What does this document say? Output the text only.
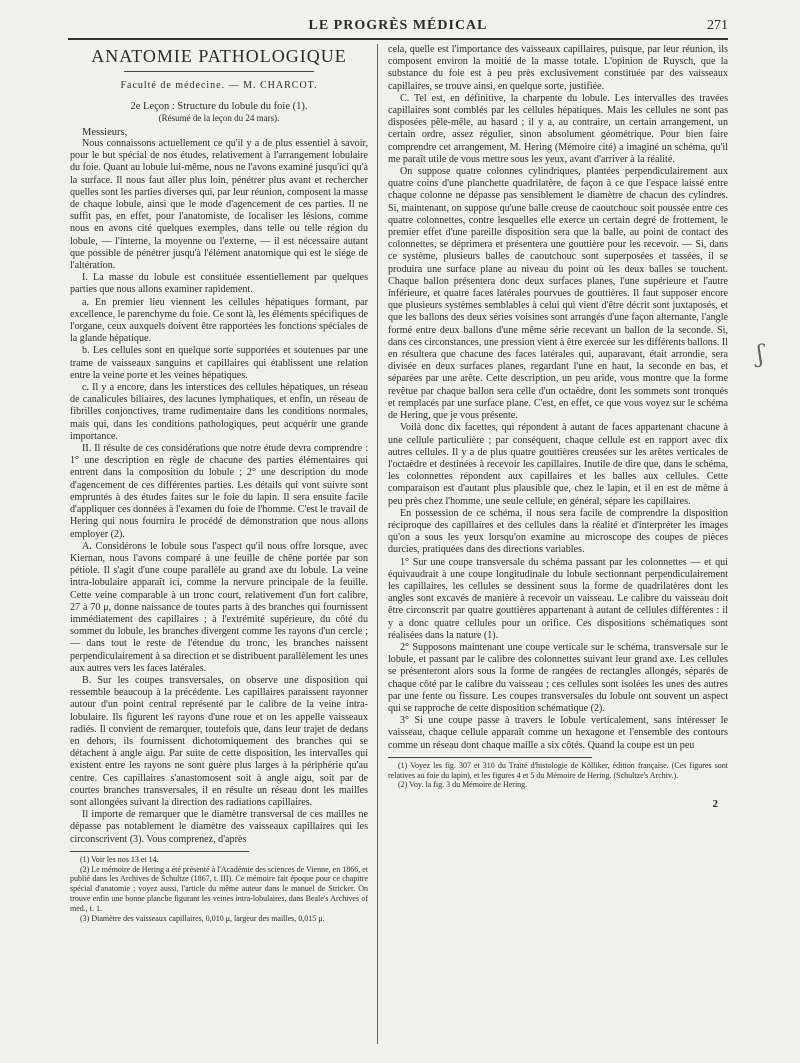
LE PROGRÈS MÉDICAL	271
ANATOMIE PATHOLOGIQUE
Faculté de médecine. — M. CHARCOT.
2e Leçon : Structure du lobule du foie (1).
(Résumé de la leçon du 24 mars).
Messieurs,

Nous connaissons actuellement ce qu'il y a de plus essentiel à savoir, pour le but spécial de nos études, relativement à l'arrangement lobulaire du foie. Quant au lobule lui-même, nous ne l'avons examiné jusqu'ici qu'à la surface. Il nous faut aller plus loin, pénétrer plus avant et rechercher quelles sont les parties diverses qui, par leur réunion, composent la masse de chaque lobule, ainsi que le mode d'agencement de ces parties. Il ne suffit pas, en effet, pour l'anatomiste, de localiser les lésions, comme nous en avons cité quelques exemples, dans telle ou telle région du lobule, — l'interne, la moyenne ou l'externe, — il est nécessaire autant que possible de pénétrer jusqu'à l'élément anatomique qui est le siége de l'altération.

I. La masse du lobule est constituée essentiellement par quelques parties que nous allons examiner rapidement.

a. En premier lieu viennent les cellules hépatiques formant, par excellence, le parenchyme du foie. Ce sont là, les éléments spécifiques de l'organe, ceux auxquels doivent être rapportées les fonctions spéciales de la glande hépatique.

b. Les cellules sont en quelque sorte supportées et soutenues par une trame de vaisseaux sanguins et capillaires qui établissent une relation entre la veine porte et les veines hépatiques.

c. Il y a encore, dans les interstices des cellules hépatiques, un réseau de canalicules biliaires, des lacunes lymphatiques, et enfin, un réseau de fibrilles conjonctives, trame rudimentaire dans les conditions normales, mais qui, dans les conditions pathologiques, peut acquérir une grande importance.

II. Il résulte de ces considérations que notre étude devra comprendre : 1° une description en règle de chacune des parties élémentaires qui entrent dans la composition du lobule ; 2° une description du mode d'agencement de ces différentes parties. Les détails qui vont suivre sont empruntés à des études faites sur le foie du lapin. Il sera ensuite facile d'appliquer ces données à l'examen du foie de l'homme. C'est le travail de Hering qui nous fournira le procédé de démonstration que nous allons employer (2).

A. Considérons le lobule sous l'aspect qu'il nous offre lorsque, avec Kiernan, nous l'avons comparé à une feuille de chêne portée par son pétiole. Il s'agit d'une coupe parallèle au grand axe du lobule. La veine intra-lobulaire apparaît ici, comme la nervure principale de la feuille. Cette veine comparable à un tronc court, relativement d'un fort calibre, 27 à 70 μ, donne naissance de toutes parts à des branches qui fournissent immédiatement des capillaires ; à l'extrémité supérieure, du côté du sommet du lobule, les branches divergent comme les rayons d'un cercle ; — dans tout le reste de l'étendue du tronc, les branches naissent perpendiculairement à sa direction et se distribuent parallèlement les unes aux autres vers les faces latérales.

B. Sur les coupes transversales, on observe une disposition qui ressemble beaucoup à la précédente. Les capillaires paraissent rayonner autour d'un point central représenté par le calibre de la veine intra-lobulaire. Ils figurent les rayons d'une roue et on les appelle vaisseaux radiés. Il convient de remarquer, toutefois que, dans leur trajet de dedans en dehors, ils fournissent dichotomiquement des branches qui se détachent à angle aigu. Par suite de cette disposition, les intervalles qui existent entre les rayons ne sont guère plus larges à la périphérie qu'au centre. Ces capillaires s'anastomosent soit à angle aigu, soit par de courtes branches transversales, il en résulte un réseau dont les mailles sont allongées suivant la direction des radiations capillaires.

Il importe de remarquer que le diamètre transversal de ces mailles ne dépasse pas notablement le diamètre des vaisseaux capillaires qui les circonscrivent (3). Vous comprenez, d'après

(1) Voir les nos 13 et 14.

(2) Le mémoire de Hering a été présenté à l'Académie des sciences de Vienne, en 1866, et publié dans les Archives de Schultze (1867, t. III). Ce mémoire fait époque pour ce chapitre spécial d'anatomie ; voyez aussi, l'article du même auteur dans le manuel de Stricker. On trouve enfin une bonne planche figurant les veines intra-lobulaires, dans Beale's Archives of med., t. 1.

(3) Diamètre des vaisseaux capillaires, 0,010 μ, largeur des mailles, 0,015 μ.

cela, quelle est l'importance des vaisseaux capillaires, puisque, par leur réunion, ils composent environ la moitié de la masse totale. L'opinion de Ruysch, que la substance du foie est à peu près exclusivement constituée par des vaisseaux capillaires, se trouve ainsi, en quelque sorte, justifiée.

C. Tel est, en définitive, la charpente du lobule. Les intervalles des travées capillaires sont comblés par les cellules hépatiques. Mais les cellules ne sont pas disposées pêle-mêle, au hasard ; il y a, au contraire, un certain arrangement, un certain ordre, assez régulier, sinon absolument géométrique. Pour bien faire comprendre cet arrangement, M. Hering (Mémoire cité) a imaginé un schéma, qu'il me paraît utile de vous mettre sous les yeux, avant d'arriver à la réalité.

On suppose quatre colonnes cylindriques, plantées perpendiculairement aux quatre coins d'une planchette quadrilatère, de façon à ce que l'espace laissé entre chaque colonne ne dépasse pas sensiblement le diamètre de chacun des cylindres. Si, maintenant, on suppose qu'une balle creuse de caoutchouc soit poussée entre ces quatre colonnettes, contre lesquelles elle exerce un certain degré de frottement, le premier effet d'une pareille disposition sera que la balle, au point de contact des colonnettes, se déprimera et présentera une gouttière pour les recevoir. — Si, dans ce système, plusieurs balles de caoutchouc sont superposées et tassées, il se produira une surface plane au niveau du point où les deux balles se touchent. Chaque ballon présentera donc deux surfaces planes, l'une supérieure et l'autre inférieure, et quatre faces latérales pourvues de gouttières. Il faut supposer encore que plusieurs systèmes semblables à celui qui vient d'être décrit sont juxtaposés, et que les ballons des deux séries voisines sont arrangés d'une façon alternante, l'angle formé entre deux ballons d'une même série recevant un ballon de la seconde. Si, dans ces circonstances, une pression vient à être exercée sur les différents ballons. Il en résultera que chacune des faces latérales qui, auparavant, était arrondie, sera divisée en deux surfaces planes, regardant l'une en haut, la seconde en bas, et séparées par une arête. Cette description, un peu aride, vous montre que la forme revêtue par chaque ballon sera celle d'un octaèdre, dont les sommets sont tronqués et remplacés par une surface plane. C'est, en effet, ce que vous voyez sur le schéma de Hering, que je vous présente.

Voilà donc dix facettes, qui répondent à autant de faces appartenant chacune à une cellule particulière ; par conséquent, chaque cellule est en rapport avec dix autres cellules. Il y a de plus quatre gouttières creusées sur les arêtes verticales de l'octaèdre et destinées à recevoir les capillaires. Inutile de dire que, dans le schéma, les colonnettes répondent aux capillaires et les balles aux cellules. Cette comparaison est d'autant plus plausible que, chez le lapin, et il en est de même à peu près chez l'homme, une seule cellule, en général, sépare les capillaires.

En possession de ce schéma, il nous sera facile de comprendre la disposition réciproque des capillaires et des cellules dans la réalité et d'interpréter les images qu'on a sous les yeux lorsqu'on examine au microscope des coupes de pièces durcies, pratiquées dans des directions variables.

1° Sur une coupe transversale du schéma passant par les colonnettes — et qui équivaudrait à une coupe longitudinale du lobule sectionnant perpendiculairement les capillaires, les cellules se dessinent sous la forme de quadrilatères dont les angles sont excavés de manière à recevoir un vaisseau. Le calibre du vaisseau doit être circonscrit par quatre gouttières appartenant à autant de cellules différentes : il y a donc quatre cellules pour un orifice. Ces dispositions schématiques sont réalisées dans la nature (1).

2° Supposons maintenant une coupe verticale sur le schéma, transversale sur le lobule, et passant par le calibre des colonnettes suivant leur grand axe. Les cellules se présenteront alors sous la forme de rangées de rectangles allongés, séparés de chaque côté par le calibre du vaisseau ; ces cellules sont isolées les unes des autres par une fente ou fissure. Les coupes transversales du lobule ont souvent un aspect qui se rapproche de cette disposition schématique (2).

3° Si une coupe passe à travers le lobule verticalement, sans intéresser le vaisseau, chaque cellule apparaît comme un hexagone et l'ensemble des contours comme un réseau dont chaque maille a six côtés. Quand la coupe est un peu

(1) Voyez les fig. 307 et 310 du Traité d'histologie de Kölliker, édition française. (Ces figures sont relatives au foie du lapin), et les figures 4 et 5 du Mémoire de Hering. (Schultze's Archiv.).

(2) Voy. la fig. 3 du Mémoire de Hering.

2
ʃ
